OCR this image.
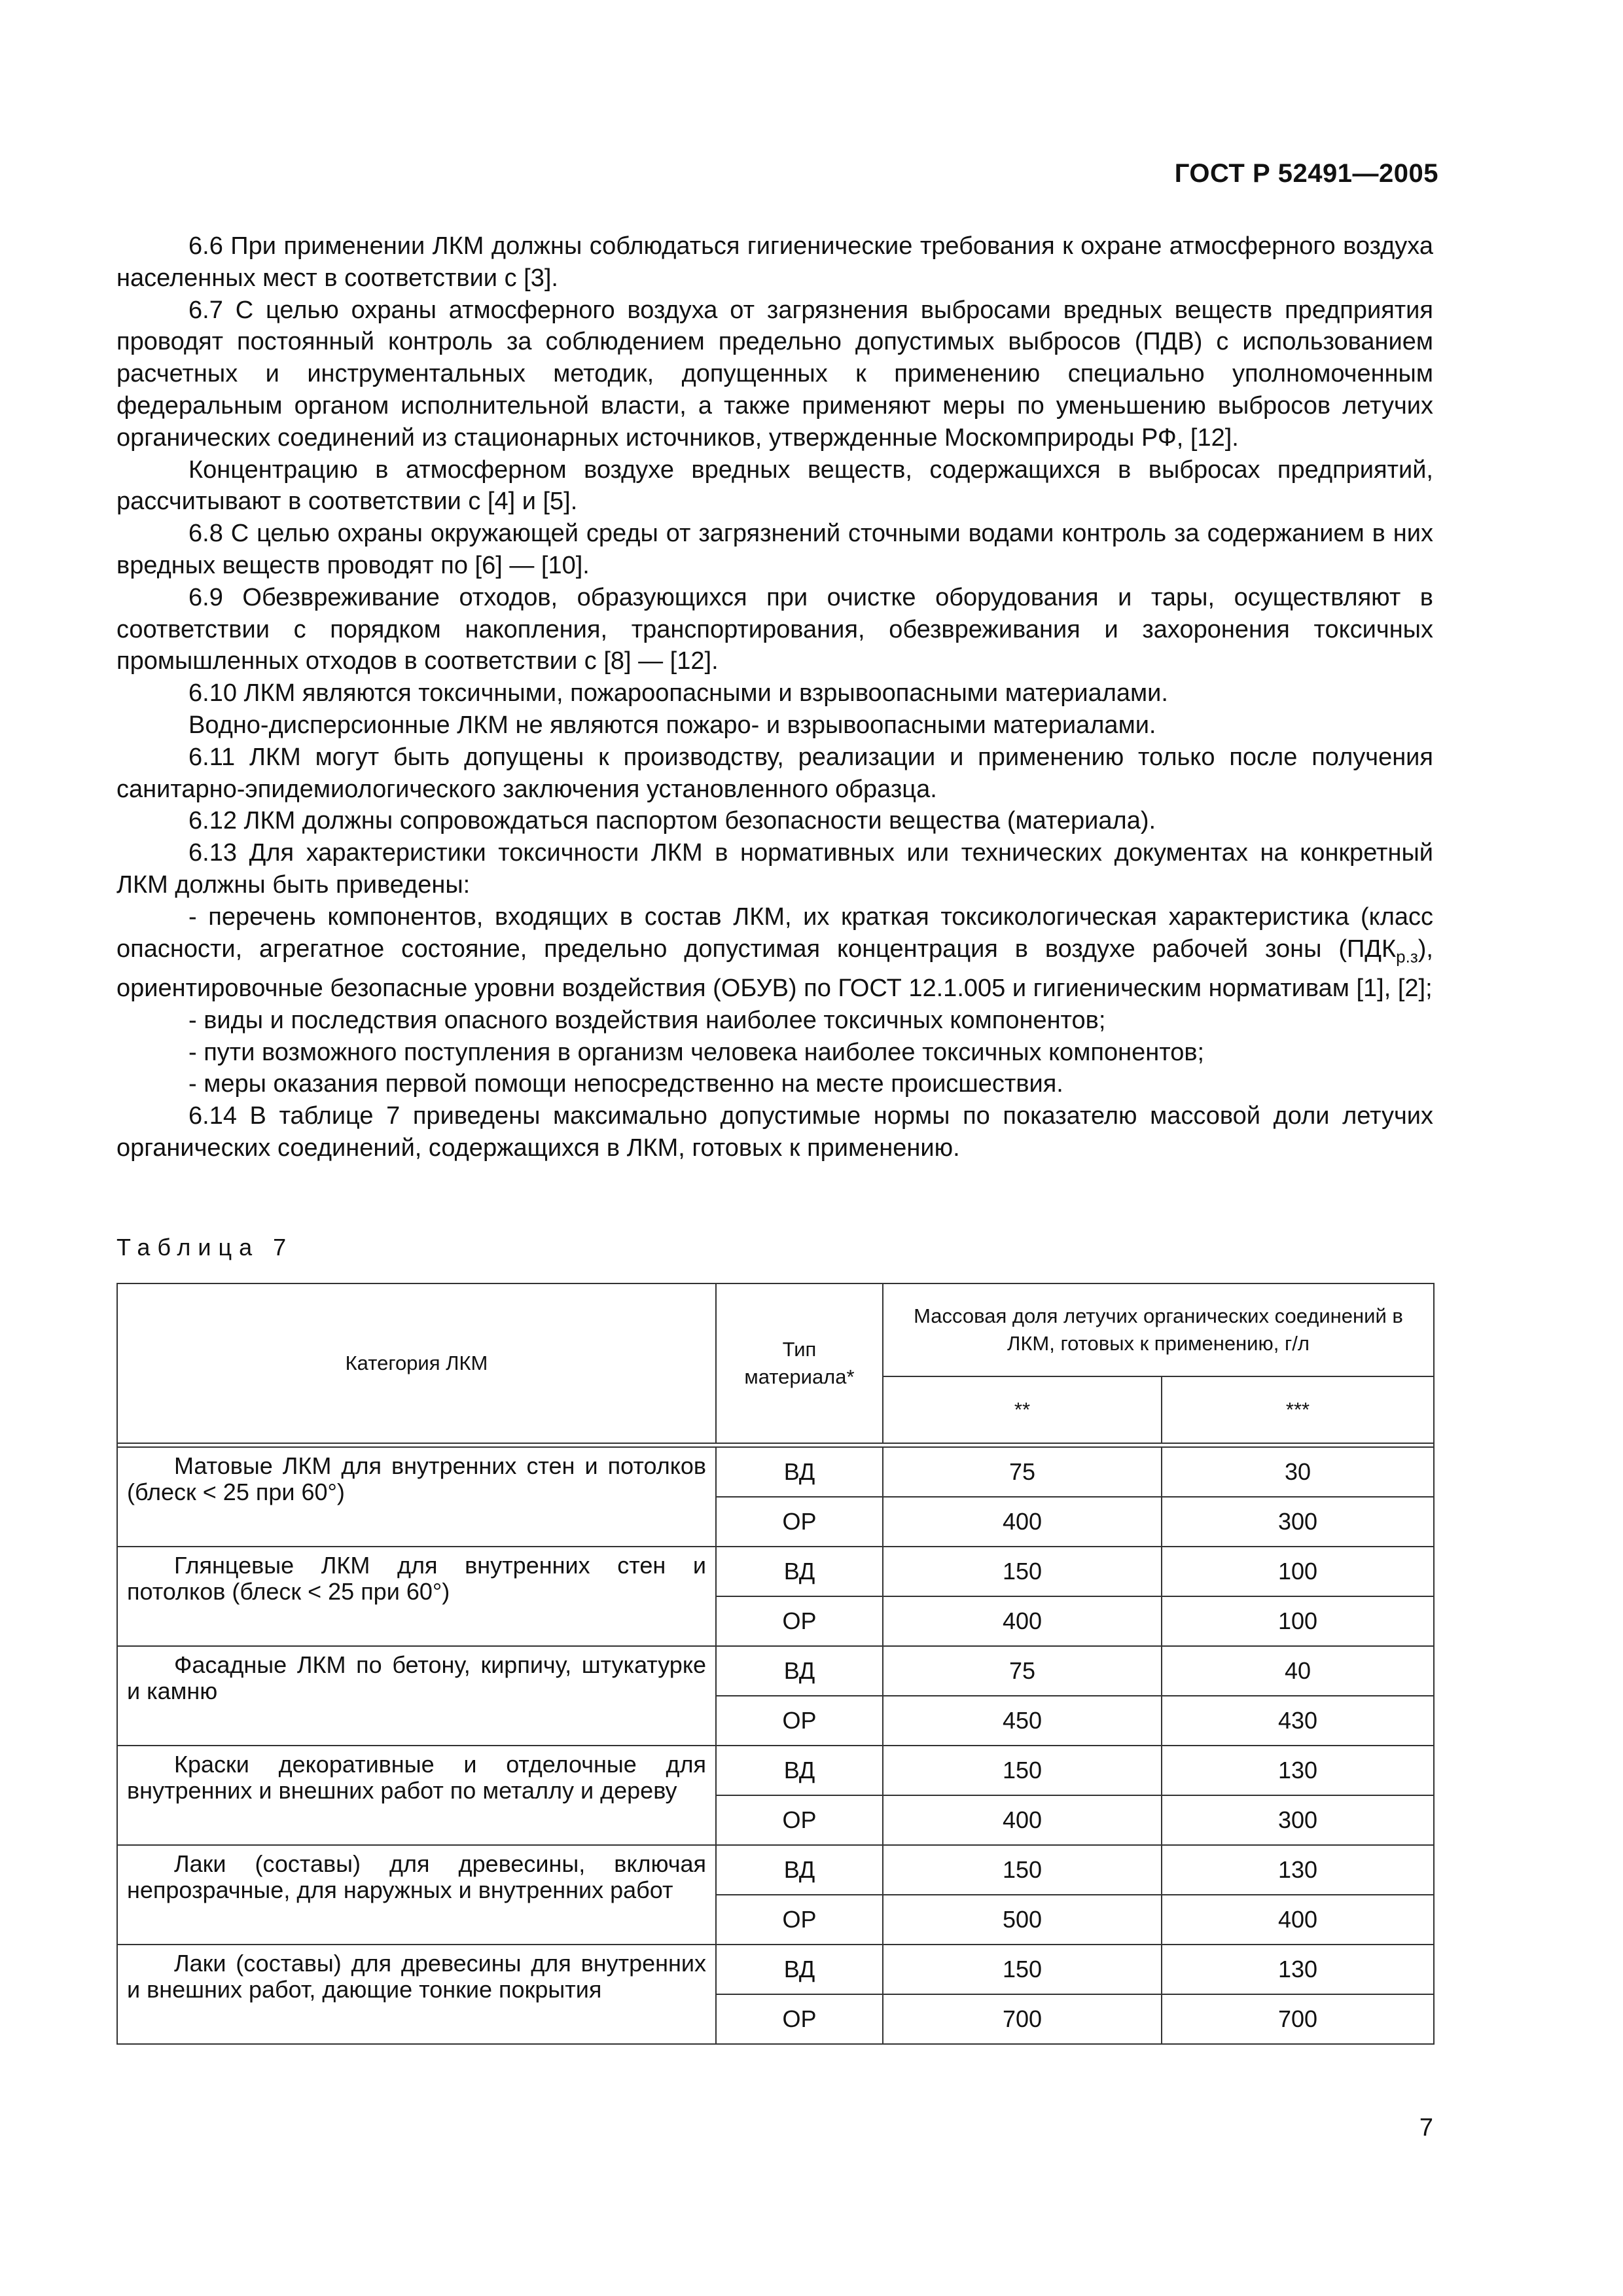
ГОСТ Р 52491—2005

6.6 При применении ЛКМ должны соблюдаться гигиенические требования к охране атмосферного воздуха населенных мест в соответствии с [3].

6.7 С целью охраны атмосферного воздуха от загрязнения выбросами вредных веществ предприятия проводят постоянный контроль за соблюдением предельно допустимых выбросов (ПДВ) с использованием расчетных и инструментальных методик, допущенных к применению специально уполномоченным федеральным органом исполнительной власти, а также применяют меры по уменьшению выбросов летучих органических соединений из стационарных источников, утвержденные Москомприроды РФ, [12].

Концентрацию в атмосферном воздухе вредных веществ, содержащихся в выбросах предприятий, рассчитывают в соответствии с [4] и [5].

6.8 С целью охраны окружающей среды от загрязнений сточными водами контроль за содержанием в них вредных веществ проводят по [6] — [10].

6.9 Обезвреживание отходов, образующихся при очистке оборудования и тары, осуществляют в соответствии с порядком накопления, транспортирования, обезвреживания и захоронения токсичных промышленных отходов в соответствии с [8] — [12].

6.10 ЛКМ являются токсичными, пожароопасными и взрывоопасными материалами.

Водно-дисперсионные ЛКМ не являются пожаро- и взрывоопасными материалами.

6.11 ЛКМ могут быть допущены к производству, реализации и применению только после получения санитарно-эпидемиологического заключения установленного образца.

6.12 ЛКМ должны сопровождаться паспортом безопасности вещества (материала).

6.13 Для характеристики токсичности ЛКМ в нормативных или технических документах на конкретный ЛКМ должны быть приведены:

- перечень компонентов, входящих в состав ЛКМ, их краткая токсикологическая характеристика (класс опасности, агрегатное состояние, предельно допустимая концентрация в воздухе рабочей зоны $(ПДК_{р.з})$, ориентировочные безопасные уровни воздействия (ОБУВ) по ГОСТ 12.1.005 и гигиеническим нормативам [1], [2];

- виды и последствия опасного воздействия наиболее токсичных компонентов;

- пути возможного поступления в организм человека наиболее токсичных компонентов;

- меры оказания первой помощи непосредственно на месте происшествия.

6.14 В таблице 7 приведены максимально допустимые нормы по показателю массовой доли летучих органических соединений, содержащихся в ЛКМ, готовых к применению.

Таблица 7
Категория ЛКМ	Тип материала*	Массовая доля летучих органических соединений в ЛКМ, готовых к применению, г/л	
		**	***

Матовые ЛКМ для внутренних стен и потолков (блеск < 25 при 60°)	ВД	75	30
	ОР	400	300
Глянцевые ЛКМ для внутренних стен и потолков (блеск < 25 при 60°)	ВД	150	100
	ОР	400	100
Фасадные ЛКМ по бетону, кирпичу, штукатурке и камню	ВД	75	40
	ОР	450	430
Краски декоративные и отделочные для внутренних и внешних работ по металлу и дереву	ВД	150	130
	ОР	400	300
Лаки (составы) для древесины, включая непрозрачные, для наружных и внутренних работ	ВД	150	130
	ОР	500	400
Лаки (составы) для древесины для внутренних и внешних работ, дающие тонкие покрытия	ВД	150	130
	ОР	700	700
7
